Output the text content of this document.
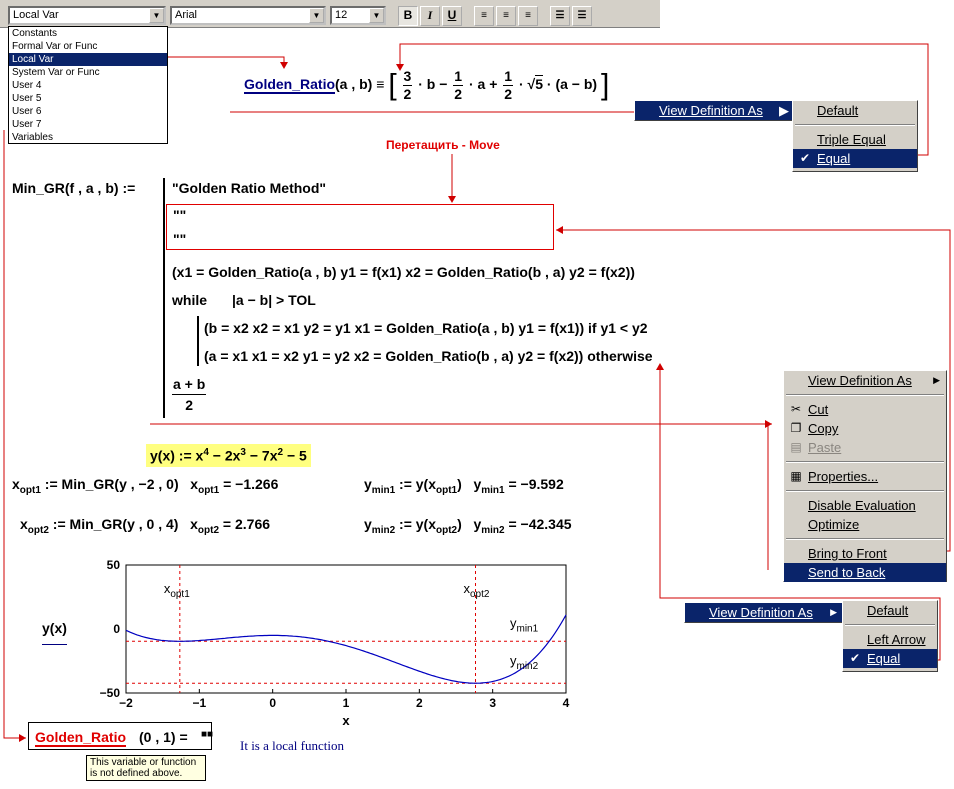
Local Var	▼	Arial	▼	12	▼	B	I	U	≡	≡	≡	☰	☰
Constants
Formal Var or Func
Local Var
System Var or Func
User 4
User 5
User 6
User 7
Variables
Golden_Ratio(a , b) ≡ [ $\frac{3}{2} \cdot b - \frac{1}{2} \cdot a + \frac{1}{2} \cdot √5 \cdot (a - b)$ ]
View Definition As ▶	Default
Triple Equal
✔ Equal
Перетащить - Move
Min_GR(f , a , b) :=	"Golden Ratio Method"
""
""
(x1 = Golden_Ratio(a , b) y1 = f(x1) x2 = Golden_Ratio(b , a) y2 = f(x2))
while |a − b| > TOL
(b = x2 x2 = x1 y2 = y1 x1 = Golden_Ratio(a , b) y1 = f(x1)) if y1 < y2
(a = x1 x1 = x2 y1 = y2 x2 = Golden_Ratio(b , a) y2 = f(x2)) otherwise
$\frac{a + b}{2}$	View Definition As ▶
✂ Cut
❐ Copy
▤ Paste
▦ Properties...
Disable Evaluation
Optimize
Bring to Front
Send to Back
y(x) := $x^4 - 2x^3 - 7x^2 - 5$
$x_{opt1}$ := Min_GR(y , −2 , 0)   $x_{opt1} = -1.266$	$y_{min1}$ := $y(x_{opt1}) y_{min1} = -9.592$
$x_{opt2}$ := Min_GR(y , 0 , 4)   $x_{opt2} = 2.766$	$y_{min2}$ := $y(x_{opt2}) y_{min2} = -42.345$
View Definition As ▶	Default
Left Arrow
✔ Equal
y(x)
−2	−1	0	1	2	3	4
50
0
−50
x
$x_{opt1}$	$x_{opt2}$
$y_{min1}$
$y_{min2}$
Golden_Ratio (0 , 1) = ■■
This variable or function is not defined above.
It is a local function
